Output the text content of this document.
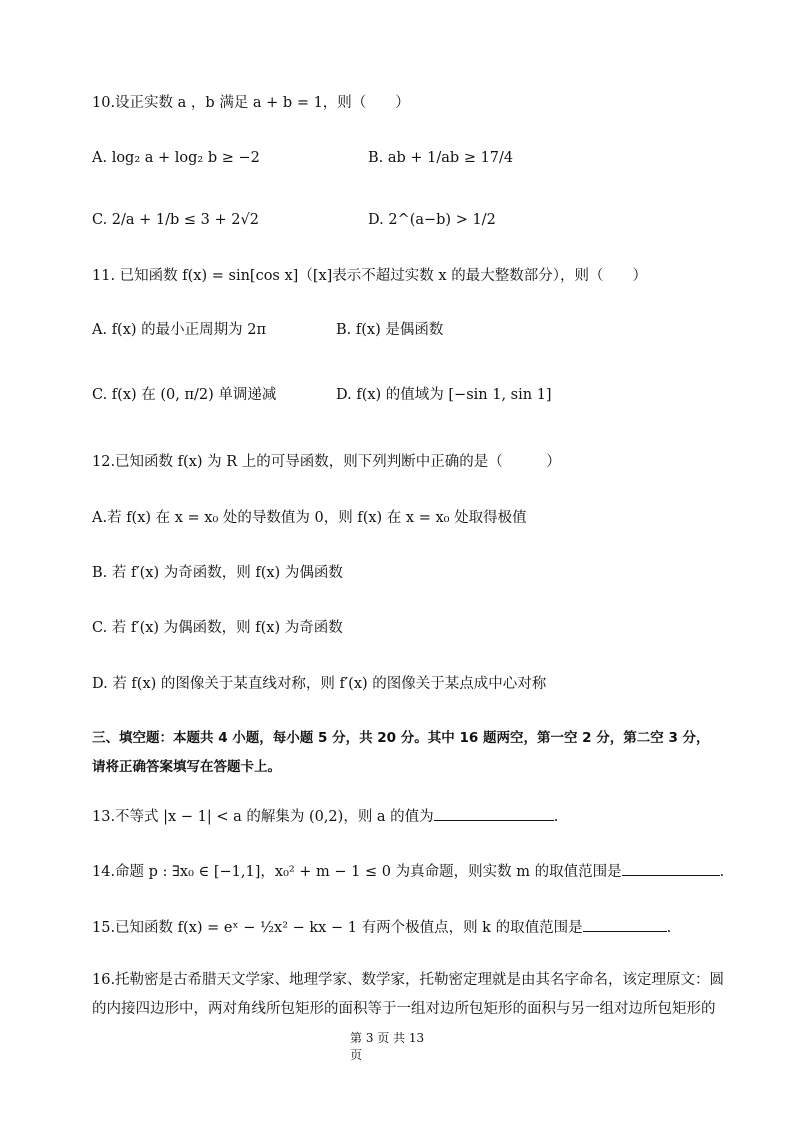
10.设正实数 a ，b 满足 a + b = 1，则（　　）
A. log₂ a + log₂ b ≥ −2	B. ab + 1/ab ≥ 17/4
C. 2/a + 1/b ≤ 3 + 2√2	D. 2^(a−b) > 1/2
11. 已知函数 f(x) = sin[cos x]（[x]表示不超过实数 x 的最大整数部分），则（　　）
A. f(x) 的最小正周期为 2π	B. f(x) 是偶函数
C. f(x) 在 (0, π/2) 单调递减	D. f(x) 的值域为 [−sin 1, sin 1]
12.已知函数 f(x) 为 R 上的可导函数，则下列判断中正确的是（　　　）
A.若 f(x) 在 x = x₀ 处的导数值为 0，则 f(x) 在 x = x₀ 处取得极值
B. 若 f′(x) 为奇函数，则 f(x) 为偶函数
C. 若 f′(x) 为偶函数，则 f(x) 为奇函数
D. 若 f(x) 的图像关于某直线对称，则 f′(x) 的图像关于某点成中心对称
三、填空题：本题共 4 小题，每小题 5 分，共 20 分。其中 16 题两空，第一空 2 分，第二空 3 分，
请将正确答案填写在答题卡上。
13.不等式 |x − 1| < a 的解集为 (0,2)，则 a 的值为	.
14.命题 p : ∃x₀ ∈ [−1,1]，x₀² + m − 1 ≤ 0 为真命题，则实数 m 的取值范围是	.
15.已知函数 f(x) = eˣ − ½x² − kx − 1 有两个极值点，则 k 的取值范围是	.
16.托勒密是古希腊天文学家、地理学家、数学家，托勒密定理就是由其名字命名，该定理原文：圆
的内接四边形中，两对角线所包矩形的面积等于一组对边所包矩形的面积与另一组对边所包矩形的
第 3 页 共 13
页
